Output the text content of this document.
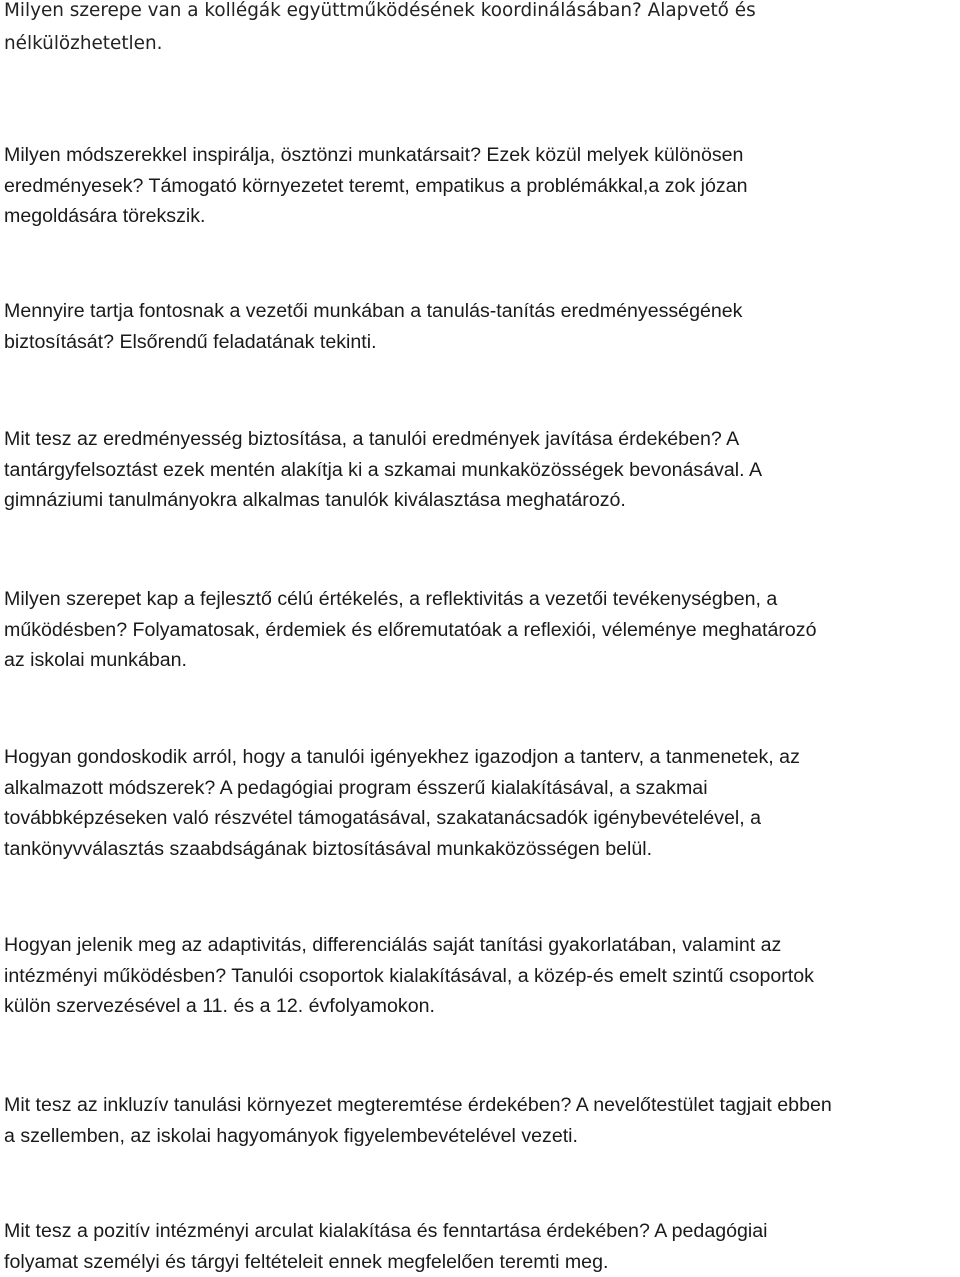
Milyen szerepe van a kollégák együttműködésének koordinálásában? Alapvető és
nélkülözhetetlen.

Milyen módszerekkel inspirálja, ösztönzi munkatársait? Ezek közül melyek különösen
eredményesek? Támogató környezetet teremt, empatikus a problémákkal,a zok józan
megoldására törekszik.

Mennyire tartja fontosnak a vezetői munkában a tanulás-tanítás eredményességének
biztosítását? Elsőrendű feladatának tekinti.

Mit tesz az eredményesség biztosítása, a tanulói eredmények javítása érdekében? A
tantárgyfelsoztást ezek mentén alakítja ki a szkamai munkaközösségek bevonásával. A
gimnáziumi tanulmányokra alkalmas tanulók kiválasztása meghatározó.

Milyen szerepet kap a fejlesztő célú értékelés, a reflektivitás a vezetői tevékenységben, a
működésben? Folyamatosak, érdemiek és előremutatóak a reflexiói, véleménye meghatározó
az iskolai munkában.

Hogyan gondoskodik arról, hogy a tanulói igényekhez igazodjon a tanterv, a tanmenetek, az
alkalmazott módszerek? A pedagógiai program ésszerű kialakításával, a szakmai
továbbképzéseken való részvétel támogatásával, szakatanácsadók igénybevételével, a
tankönyvválasztás szaabdságának biztosításával munkaközösségen belül.

Hogyan jelenik meg az adaptivitás, differenciálás saját tanítási gyakorlatában, valamint az
intézményi működésben? Tanulói csoportok kialakításával, a közép-és emelt szintű csoportok
külön szervezésével a 11. és a 12. évfolyamokon.

Mit tesz az inkluzív tanulási környezet megteremtése érdekében? A nevelőtestület tagjait ebben
a szellemben, az iskolai hagyományok figyelembevételével vezeti.

Mit tesz a pozitív intézményi arculat kialakítása és fenntartása érdekében? A pedagógiai
folyamat személyi és tárgyi feltételeit ennek megfelelően teremti meg.
